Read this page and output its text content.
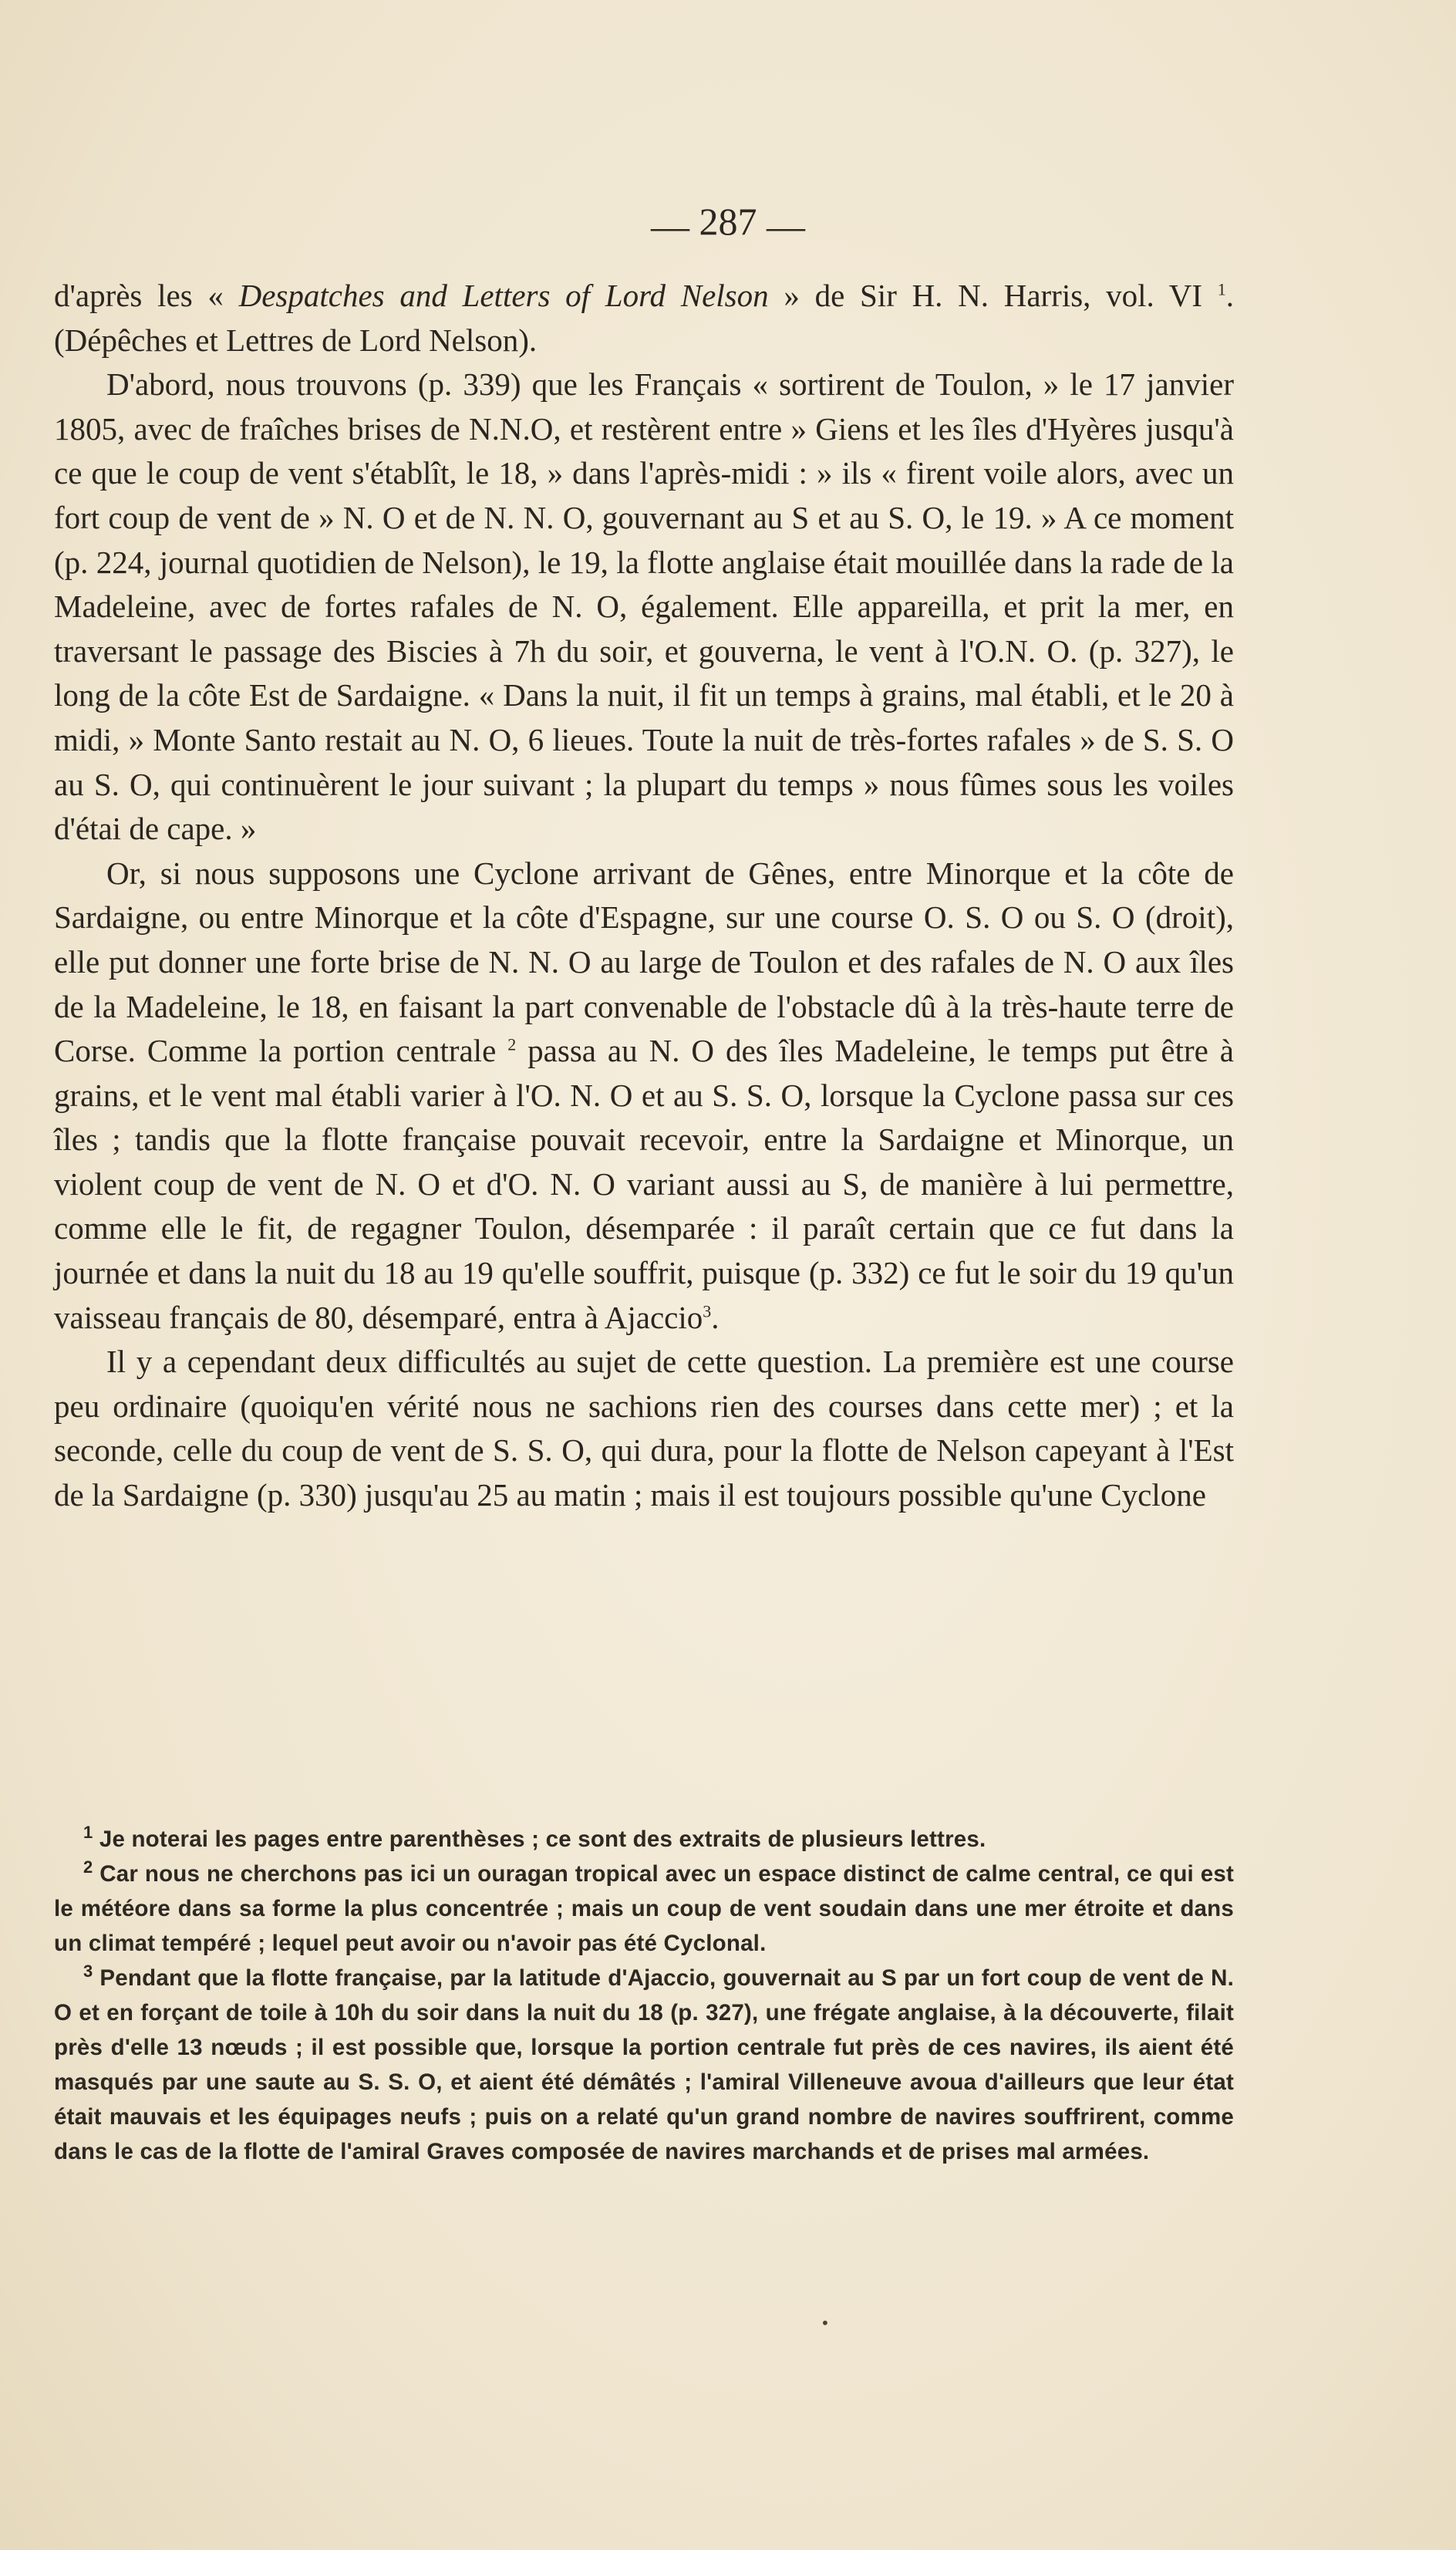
— 287 —

d'après les « Despatches and Letters of Lord Nelson » de Sir H. N. Harris, vol. VI $^1$. (Dépêches et Lettres de Lord Nelson).

D'abord, nous trouvons (p. 339) que les Français « sortirent de Toulon, » le 17 janvier 1805, avec de fraîches brises de N.N.O, et restèrent entre » Giens et les îles d'Hyères jusqu'à ce que le coup de vent s'établît, le 18, » dans l'après-midi : » ils « firent voile alors, avec un fort coup de vent de » N. O et de N. N. O, gouvernant au S et au S. O, le 19. » A ce moment (p. 224, journal quotidien de Nelson), le 19, la flotte anglaise était mouillée dans la rade de la Madeleine, avec de fortes rafales de N. O, également. Elle appareilla, et prit la mer, en traversant le passage des Biscies à 7h du soir, et gouverna, le vent à l'O.N. O. (p. 327), le long de la côte Est de Sardaigne. « Dans la nuit, il fit un temps à grains, mal établi, et le 20 à midi, » Monte Santo restait au N. O, 6 lieues. Toute la nuit de très-fortes rafales » de S. S. O au S. O, qui continuèrent le jour suivant ; la plupart du temps » nous fûmes sous les voiles d'étai de cape. »

Or, si nous supposons une Cyclone arrivant de Gênes, entre Minorque et la côte de Sardaigne, ou entre Minorque et la côte d'Espagne, sur une course O. S. O ou S. O (droit), elle put donner une forte brise de N. N. O au large de Toulon et des rafales de N. O aux îles de la Madeleine, le 18, en faisant la part convenable de l'obstacle dû à la très-haute terre de Corse. Comme la portion centrale $^2$ passa au N. O des îles Madeleine, le temps put être à grains, et le vent mal établi varier à l'O. N. O et au S. S. O, lorsque la Cyclone passa sur ces îles ; tandis que la flotte française pouvait recevoir, entre la Sardaigne et Minorque, un violent coup de vent de N. O et d'O. N. O variant aussi au S, de manière à lui permettre, comme elle le fit, de regagner Toulon, désemparée : il paraît certain que ce fut dans la journée et dans la nuit du 18 au 19 qu'elle souffrit, puisque (p. 332) ce fut le soir du 19 qu'un vaisseau français de 80, désemparé, entra à Ajaccio$^3$.

Il y a cependant deux difficultés au sujet de cette question. La première est une course peu ordinaire (quoiqu'en vérité nous ne sachions rien des courses dans cette mer) ; et la seconde, celle du coup de vent de S. S. O, qui dura, pour la flotte de Nelson capeyant à l'Est de la Sardaigne (p. 330) jusqu'au 25 au matin ; mais il est toujours possible qu'une Cyclone

$^1$ Je noterai les pages entre parenthèses ; ce sont des extraits de plusieurs lettres.

$^2$ Car nous ne cherchons pas ici un ouragan tropical avec un espace distinct de calme central, ce qui est le météore dans sa forme la plus concentrée ; mais un coup de vent soudain dans une mer étroite et dans un climat tempéré ; lequel peut avoir ou n'avoir pas été Cyclonal.

$^3$ Pendant que la flotte française, par la latitude d'Ajaccio, gouvernait au S par un fort coup de vent de N. O et en forçant de toile à 10h du soir dans la nuit du 18 (p. 327), une frégate anglaise, à la découverte, filait près d'elle 13 nœuds ; il est possible que, lorsque la portion centrale fut près de ces navires, ils aient été masqués par une saute au S. S. O, et aient été démâtés ; l'amiral Villeneuve avoua d'ailleurs que leur état était mauvais et les équipages neufs ; puis on a relaté qu'un grand nombre de navires souffrirent, comme dans le cas de la flotte de l'amiral Graves composée de navires marchands et de prises mal armées.

•
